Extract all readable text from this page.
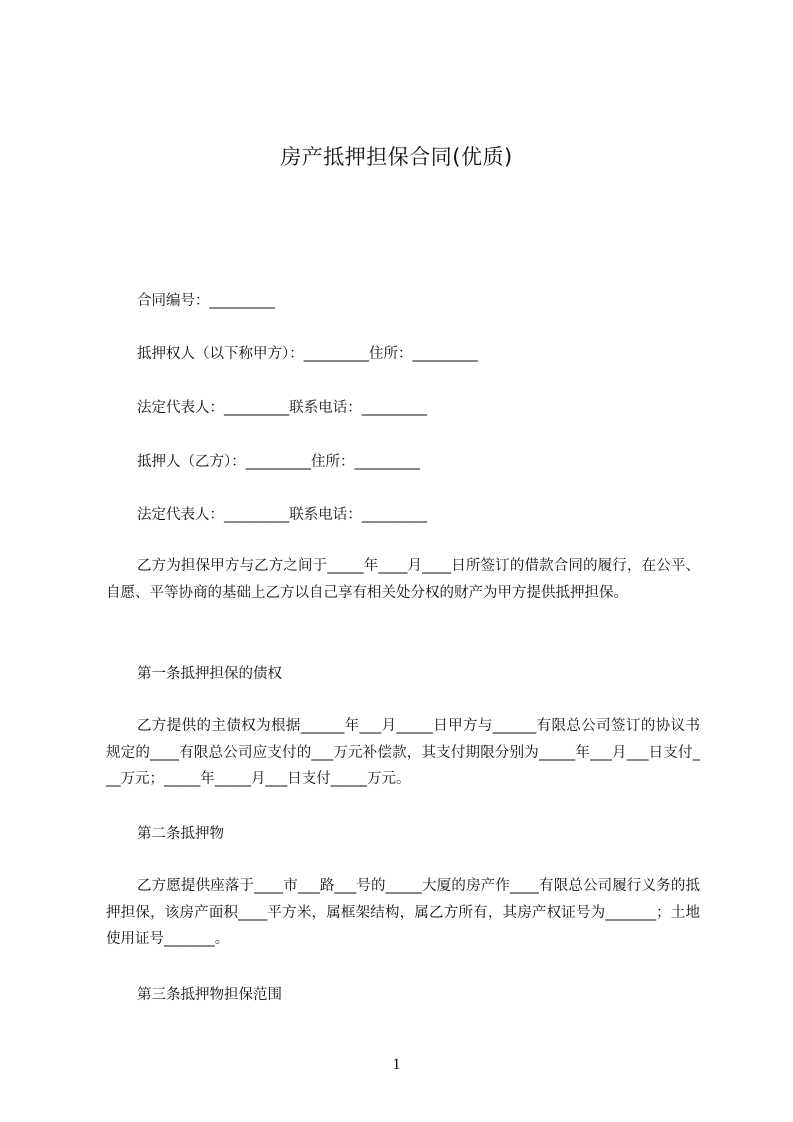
房产抵押担保合同(优质)

合同编号：_________

抵押权人（以下称甲方）：_________住所：_________

法定代表人：_________联系电话：_________

抵押人（乙方）：_________住所：_________

法定代表人：_________联系电话：_________

乙方为担保甲方与乙方之间于_____年____月____日所签订的借款合同的履行，在公平、自愿、平等协商的基础上乙方以自己享有相关处分权的财产为甲方提供抵押担保。

第一条抵押担保的债权

乙方提供的主债权为根据______年___月_____日甲方与______有限总公司签订的协议书规定的____有限总公司应支付的___万元补偿款，其支付期限分别为_____年___月___日支付___万元；_____年_____月___日支付_____万元。

第二条抵押物

乙方愿提供座落于____市___路___号的_____大厦的房产作____有限总公司履行义务的抵押担保，该房产面积____平方米，属框架结构，属乙方所有，其房产权证号为_______；土地使用证号_______。

第三条抵押物担保范围

1
